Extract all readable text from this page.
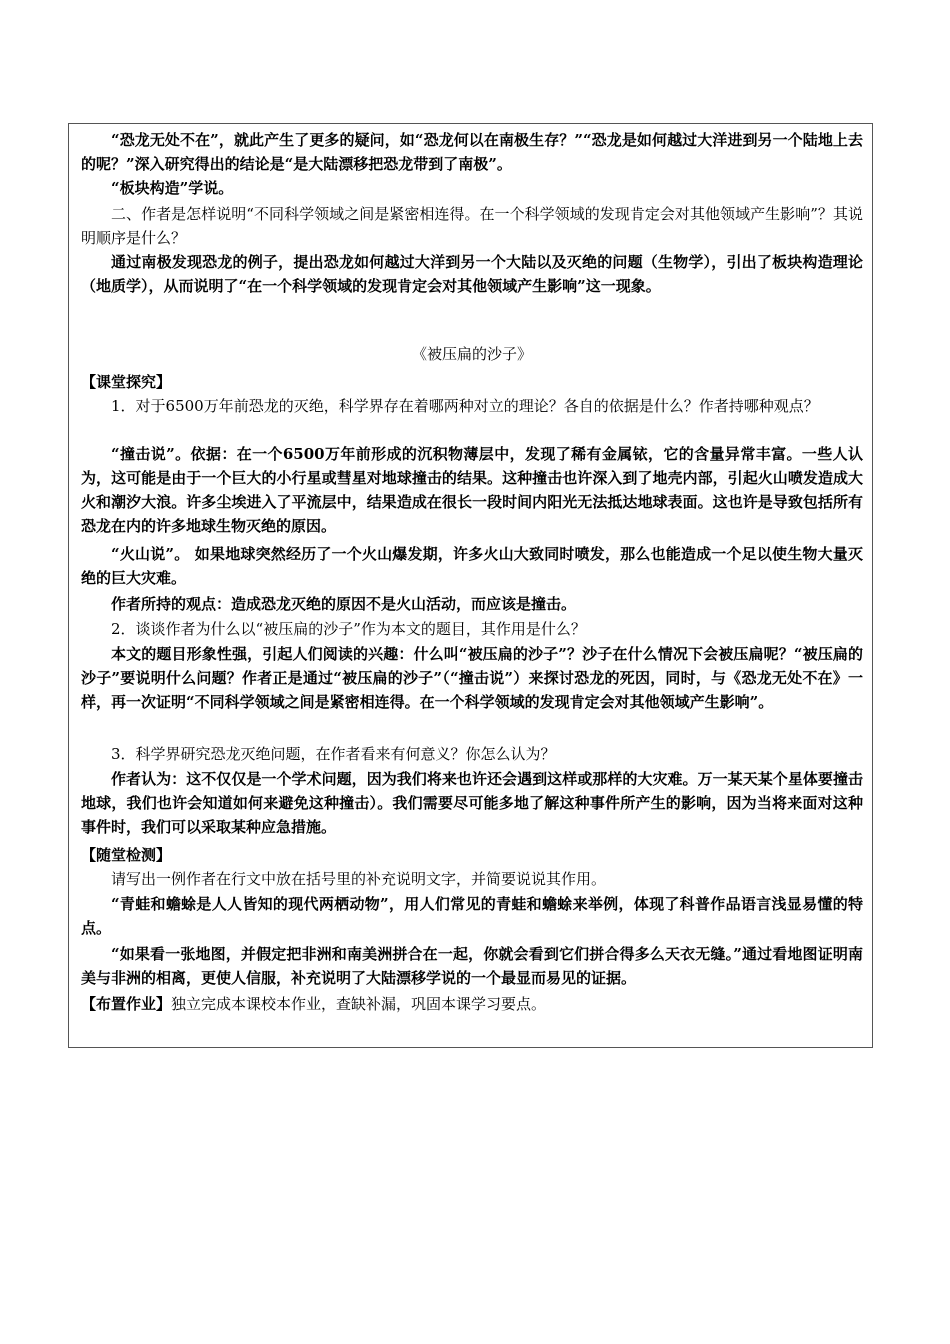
“恐龙无处不在”，就此产生了更多的疑问，如“恐龙何以在南极生存？”“恐龙是如何越过大洋进到另一个陆地上去的呢？”深入研究得出的结论是“是大陆漂移把恐龙带到了南极”。

“板块构造”学说。

二、作者是怎样说明“不同科学领域之间是紧密相连得。在一个科学领域的发现肯定会对其他领域产生影响”？其说明顺序是什么？

通过南极发现恐龙的例子，提出恐龙如何越过大洋到另一个大陆以及灭绝的问题（生物学），引出了板块构造理论（地质学），从而说明了“在一个科学领域的发现肯定会对其他领域产生影响”这一现象。

《被压扁的沙子》

【课堂探究】

1．对于6500万年前恐龙的灭绝，科学界存在着哪两种对立的理论？各自的依据是什么？作者持哪种观点？

“撞击说”。依据：在一个6500万年前形成的沉积物薄层中，发现了稀有金属铱，它的含量异常丰富。一些人认为，这可能是由于一个巨大的小行星或彗星对地球撞击的结果。这种撞击也许深入到了地壳内部，引起火山喷发造成大火和潮汐大浪。许多尘埃进入了平流层中，结果造成在很长一段时间内阳光无法抵达地球表面。这也许是导致包括所有恐龙在内的许多地球生物灭绝的原因。

“火山说”。 如果地球突然经历了一个火山爆发期，许多火山大致同时喷发，那么也能造成一个足以使生物大量灭绝的巨大灾难。

作者所持的观点：造成恐龙灭绝的原因不是火山活动，而应该是撞击。

2．谈谈作者为什么以“被压扁的沙子”作为本文的题目，其作用是什么？

本文的题目形象性强，引起人们阅读的兴趣：什么叫“被压扁的沙子”？沙子在什么情况下会被压扁呢？“被压扁的沙子”要说明什么问题？作者正是通过“被压扁的沙子”（“撞击说”）来探讨恐龙的死因，同时，与《恐龙无处不在》一样，再一次证明“不同科学领域之间是紧密相连得。在一个科学领域的发现肯定会对其他领域产生影响”。

3．科学界研究恐龙灭绝问题，在作者看来有何意义？你怎么认为？

作者认为：这不仅仅是一个学术问题，因为我们将来也许还会遇到这样或那样的大灾难。万一某天某个星体要撞击地球，我们也许会知道如何来避免这种撞击）。我们需要尽可能多地了解这种事件所产生的影响，因为当将来面对这种事件时，我们可以采取某种应急措施。

【随堂检测】

请写出一例作者在行文中放在括号里的补充说明文字，并简要说说其作用。

“青蛙和蟾蜍是人人皆知的现代两栖动物”，用人们常见的青蛙和蟾蜍来举例，体现了科普作品语言浅显易懂的特点。

“如果看一张地图，并假定把非洲和南美洲拼合在一起，你就会看到它们拼合得多么天衣无缝。”通过看地图证明南美与非洲的相离，更使人信服，补充说明了大陆漂移学说的一个最显而易见的证据。

【布置作业】独立完成本课校本作业，查缺补漏，巩固本课学习要点。
